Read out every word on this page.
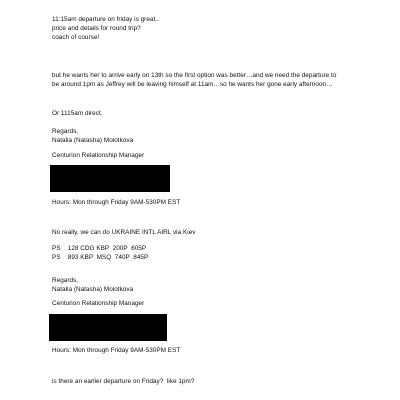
11:15am departure on friday is great..
price and details for round trip?
coach of course!
but he wants her to arrive early on 13th so the first option was better…and we need the departure to
be around 1pm as Jeffrey will be leaving himself at 11am…so he wants her gone early afternoon…
Or 1115am direct.
Regards,
Natalia (Natasha) Molotkova
Centurion Relationship Manager
Hours: Mon through Friday 9AM-530PM EST
No really, we can do UKRAINE INTL AIRL via Kiev
PS    128 CDG KBP  200P  605P
PS    893 KBP  MSQ  740P  845P
Regards,
Natalia (Natasha) Molotkova
Centurion Relationship Manager
Hours: Mon through Friday 9AM-530PM EST
is there an earlier departure on Friday?  like 1pm?
